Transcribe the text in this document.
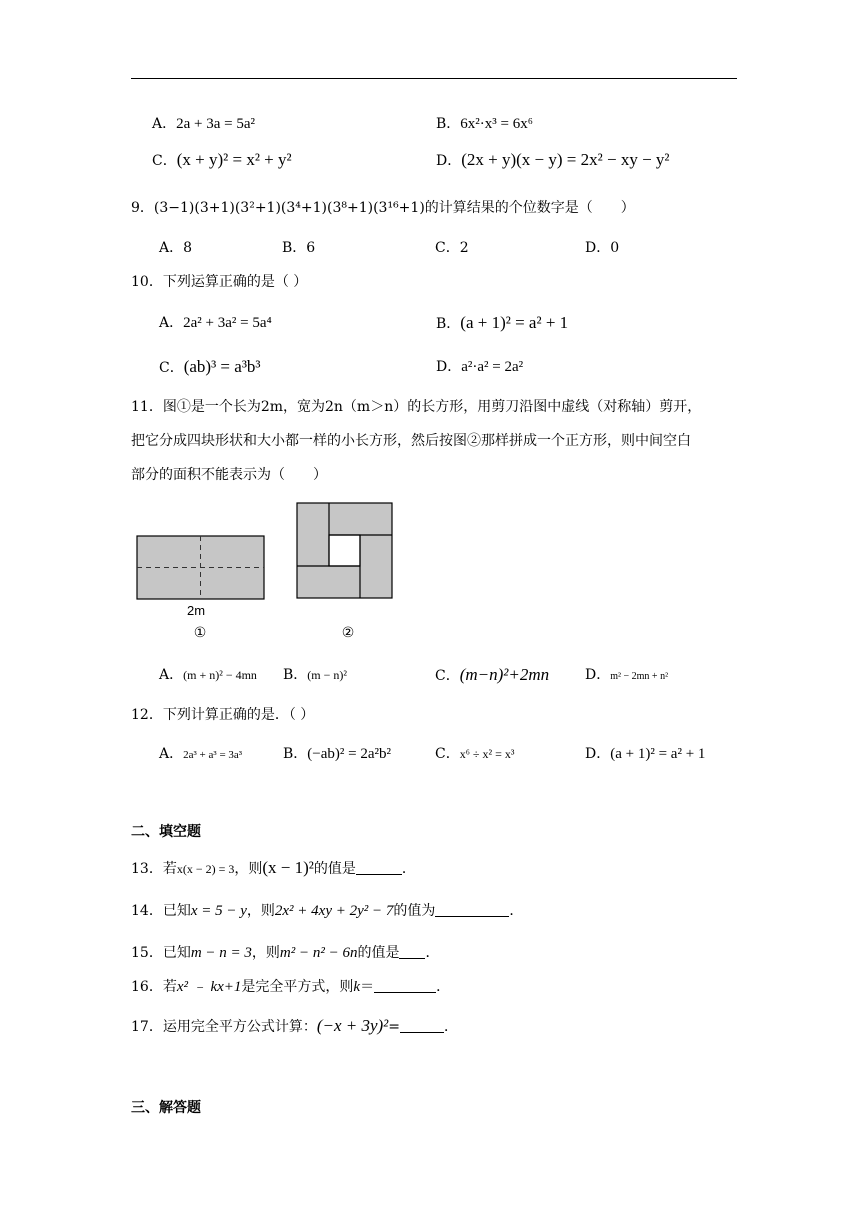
A．2a + 3a = 5a²	B．6x²·x³ = 6x⁶
C．(x + y)² = x² + y²	D．(2x + y)(x − y) = 2x² − xy − y²
9．(3−1)(3+1)(3²+1)(3⁴+1)(3⁸+1)(3¹⁶+1)的计算结果的个位数字是（　　）
A．8	B．6	C．2	D．0
10．下列运算正确的是（ ）
A．2a² + 3a² = 5a⁴	B．(a + 1)² = a² + 1
C．(ab)³ = a³b³	D．a²·a² = 2a²
11．图①是一个长为2m，宽为2n（m＞n）的长方形，用剪刀沿图中虚线（对称轴）剪开，
把它分成四块形状和大小都一样的小长方形，然后按图②那样拼成一个正方形，则中间空白
部分的面积不能表示为（　　）
2m
①	②
A．(m + n)² − 4mn B．(m − n)²	C．(m−n)²+2mn	D．m² − 2mn + n²
12．下列计算正确的是．（ ）
A．2a³ + a³ = 3a³	B．(−ab)² = 2a²b²	C．x⁶ ÷ x² = x³	D．(a + 1)² = a² + 1
二、填空题
13．若x(x − 2) = 3，则(x − 1)²的值是	．
14．已知x = 5 − y，则2x² + 4xy + 2y² − 7的值为	．
15．已知m − n = 3，则m² − n² − 6n的值是 ．
16．若x² ﹣ kx+1是完全平方式，则k＝	．
17．运用完全平方公式计算：(−x + 3y)²=	．
三、解答题
